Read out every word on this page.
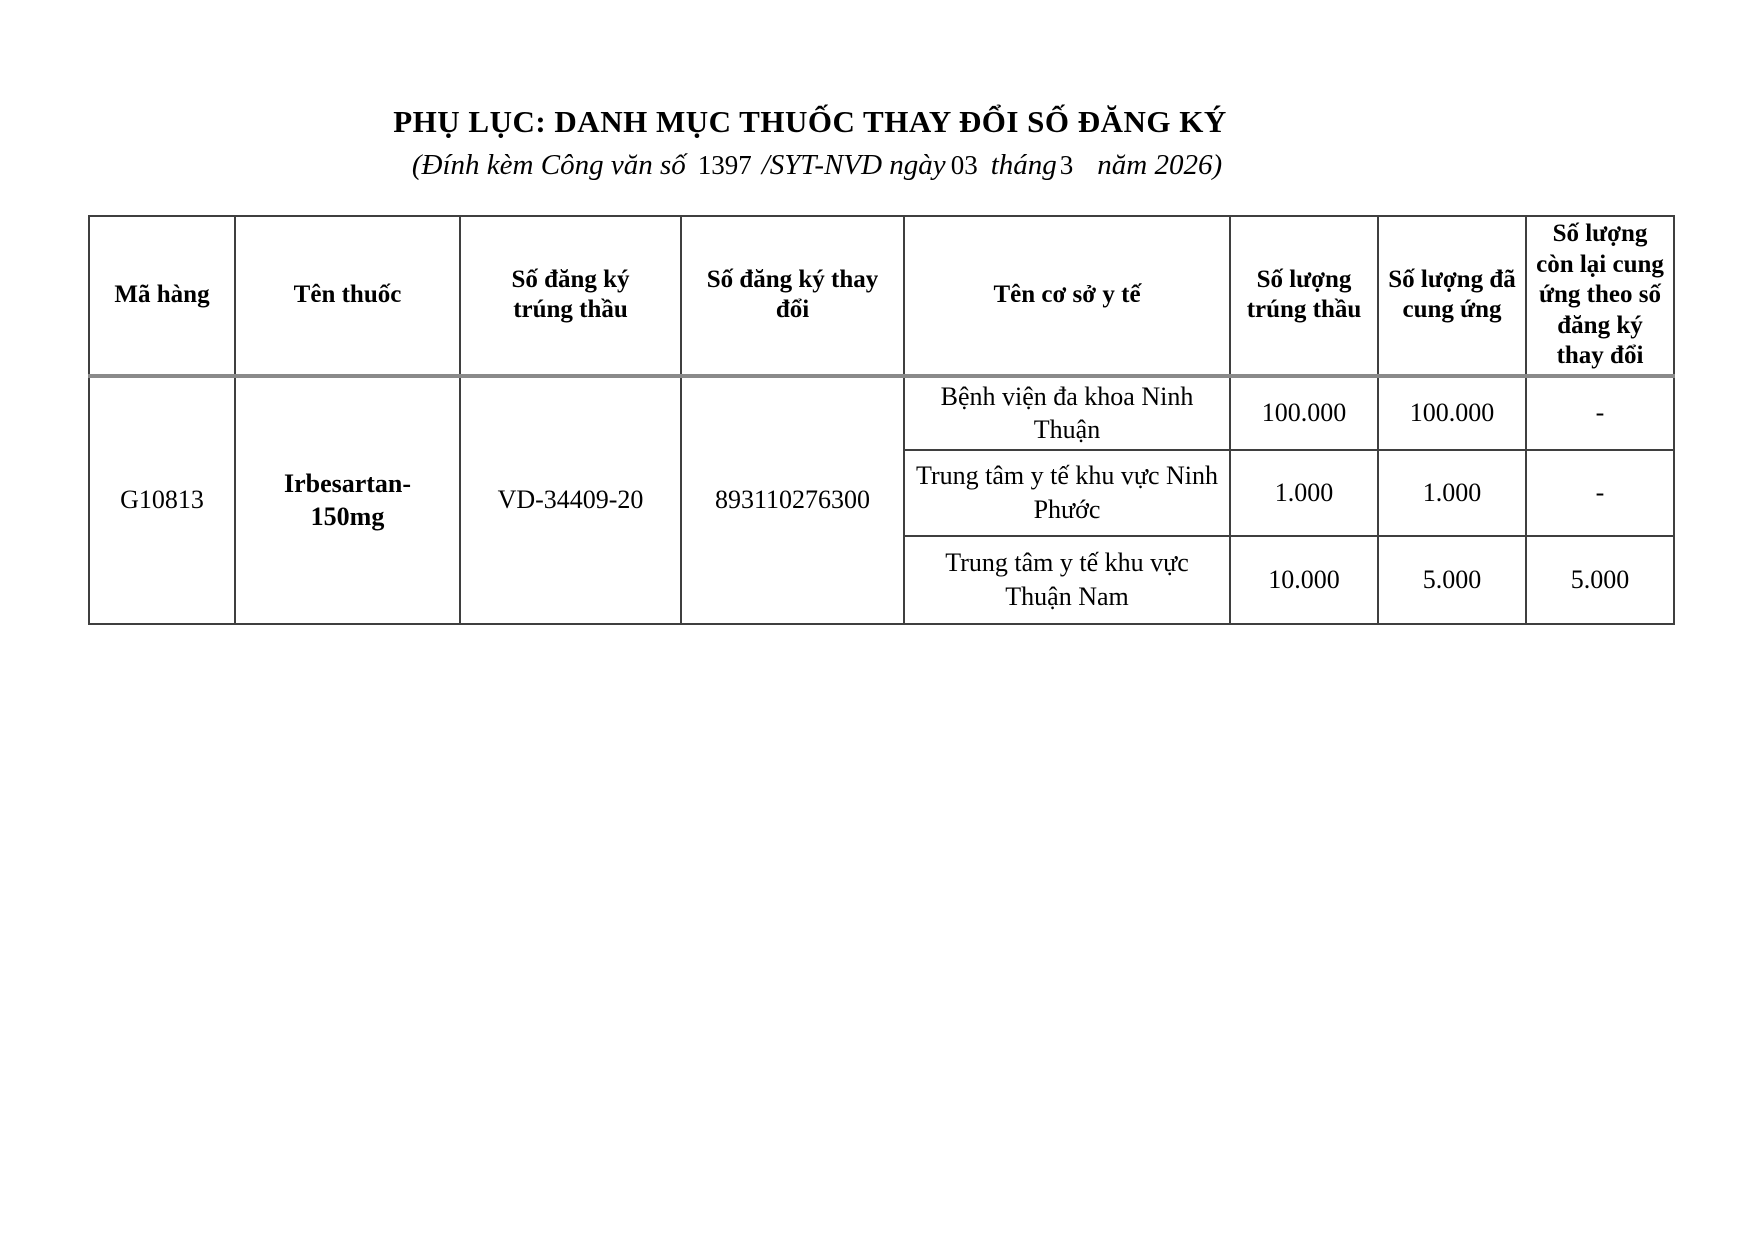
PHỤ LỤC: DANH MỤC THUỐC THAY ĐỔI SỐ ĐĂNG KÝ
(Đính kèm Công văn số 1397 /SYT-NVD ngày 03 tháng 3 năm 2026)
Mã hàng	Tên thuốc	Số đăng ký trúng thầu	Số đăng ký thay đổi	Tên cơ sở y tế	Số lượng trúng thầu	Số lượng đã cung ứng	Số lượng còn lại cung ứng theo số đăng ký thay đổi

G10813	Irbesartan-150mg	VD-34409-20	893110276300	Bệnh viện đa khoa Ninh Thuận	100.000	100.000	-
				Trung tâm y tế khu vực Ninh Phước	1.000	1.000	-
				Trung tâm y tế khu vực Thuận Nam	10.000	5.000	5.000
